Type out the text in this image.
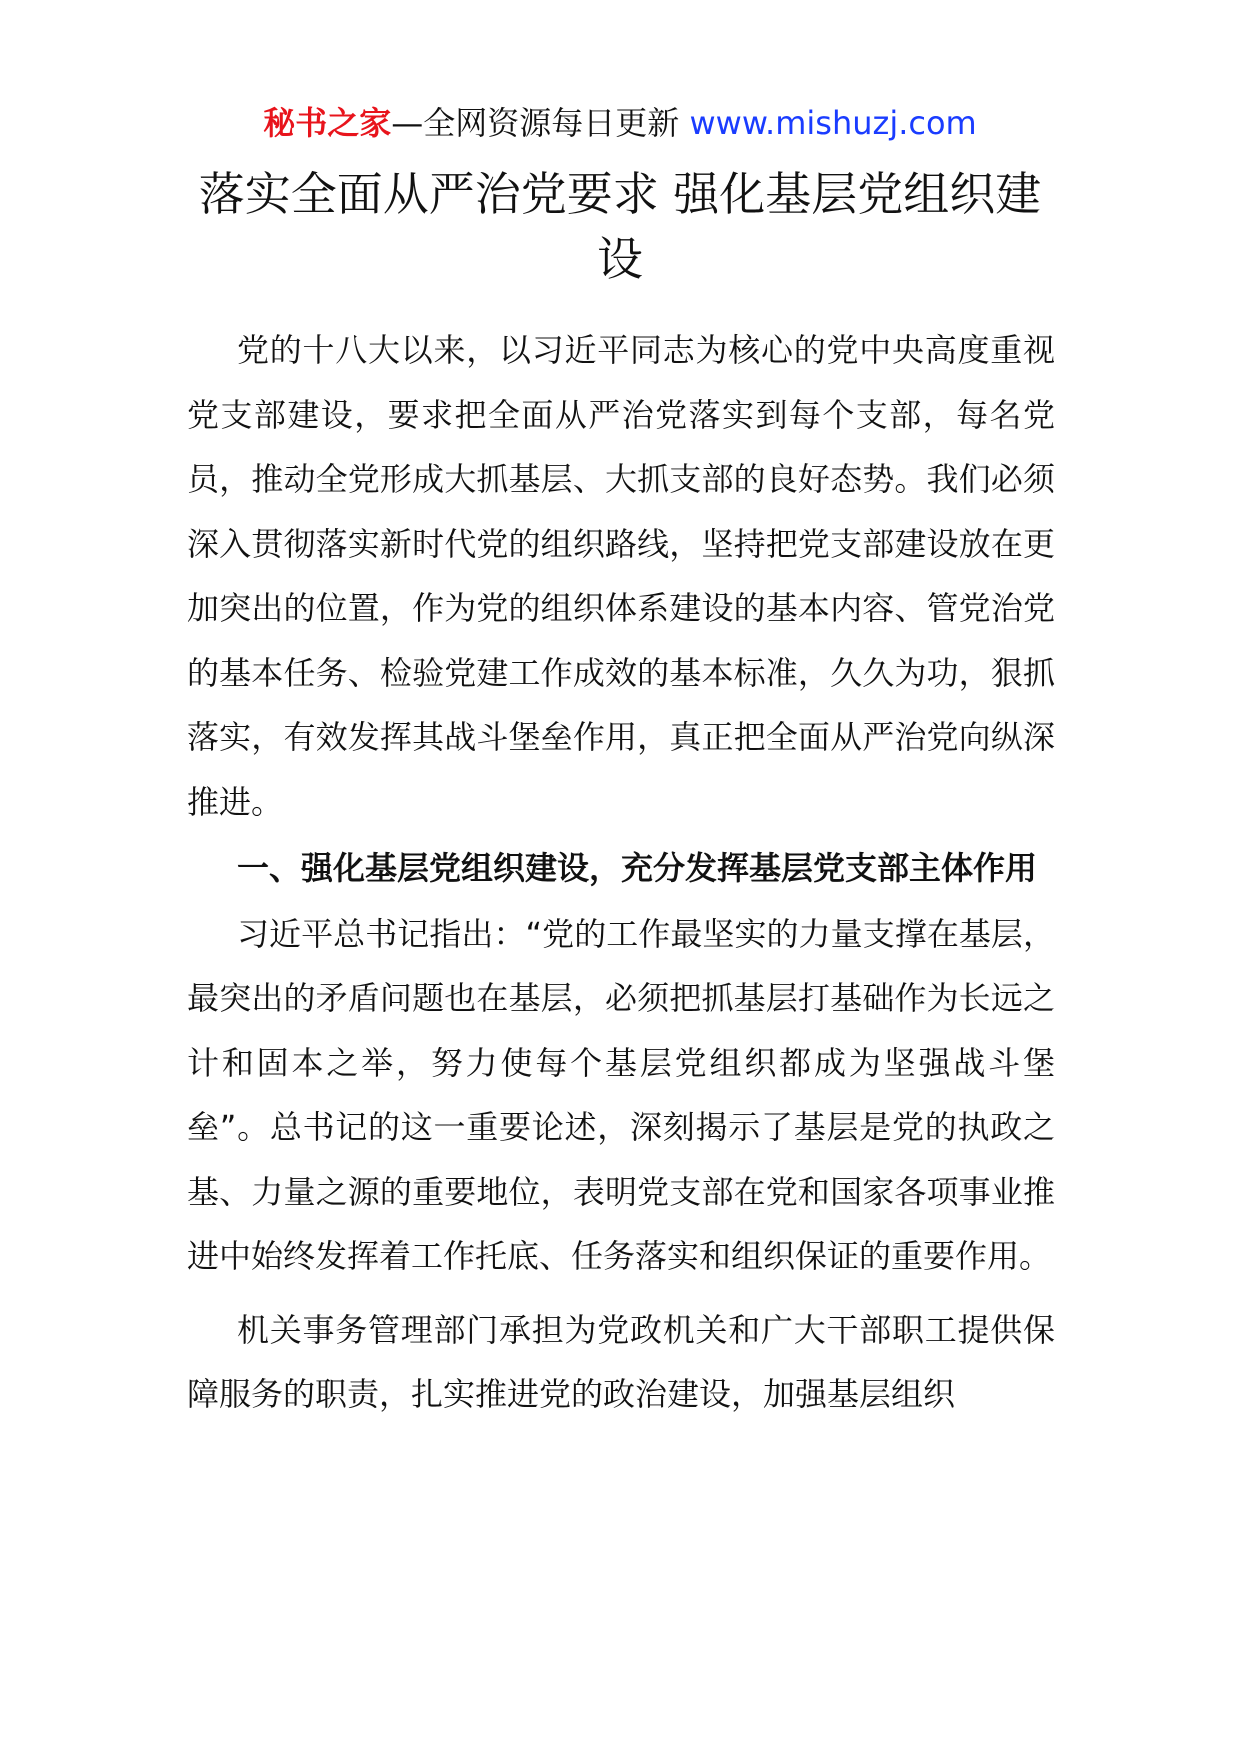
秘书之家—全网资源每日更新 www.mishuzj.com
落实全面从严治党要求 强化基层党组织建设

党的十八大以来，以习近平同志为核心的党中央高度重视党支部建设，要求把全面从严治党落实到每个支部，每名党员，推动全党形成大抓基层、大抓支部的良好态势。我们必须深入贯彻落实新时代党的组织路线，坚持把党支部建设放在更加突出的位置，作为党的组织体系建设的基本内容、管党治党的基本任务、检验党建工作成效的基本标准，久久为功，狠抓落实，有效发挥其战斗堡垒作用，真正把全面从严治党向纵深推进。

一、强化基层党组织建设，充分发挥基层党支部主体作用

习近平总书记指出：“党的工作最坚实的力量支撑在基层，最突出的矛盾问题也在基层，必须把抓基层打基础作为长远之计和固本之举，努力使每个基层党组织都成为坚强战斗堡垒”。总书记的这一重要论述，深刻揭示了基层是党的执政之基、力量之源的重要地位，表明党支部在党和国家各项事业推进中始终发挥着工作托底、任务落实和组织保证的重要作用。

机关事务管理部门承担为党政机关和广大干部职工提供保障服务的职责，扎实推进党的政治建设，加强基层组织
